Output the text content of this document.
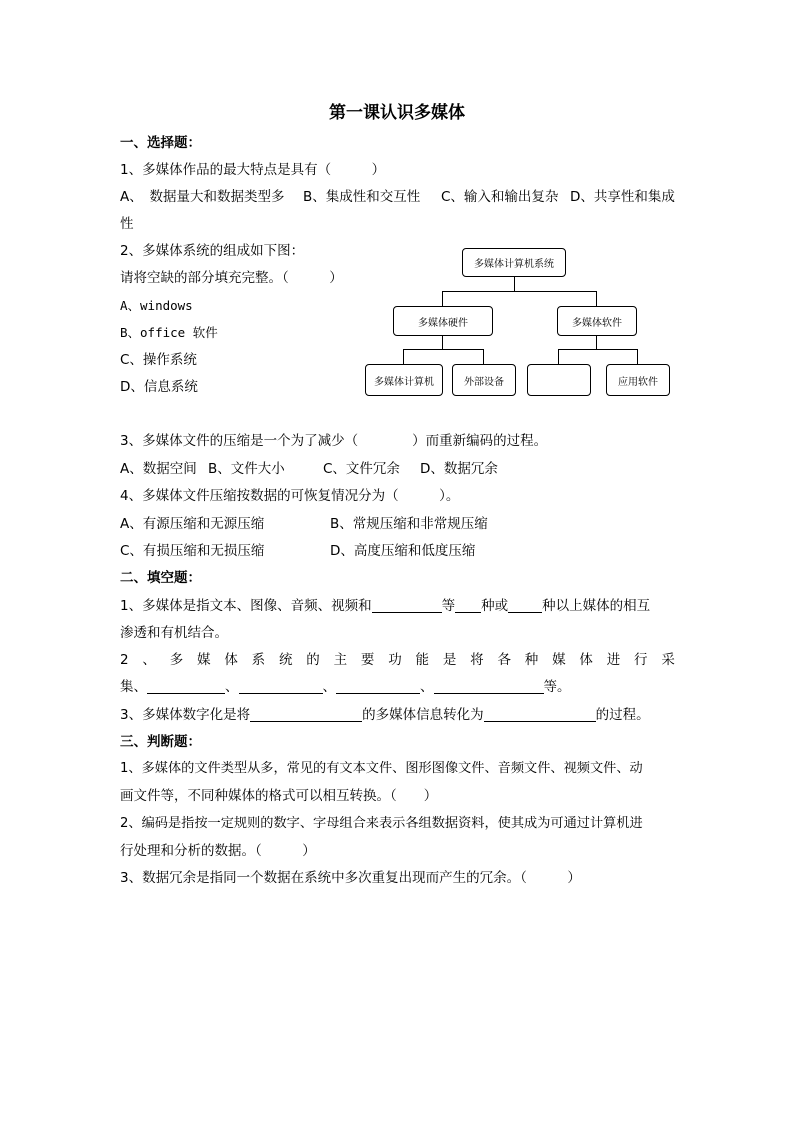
第一课认识多媒体
一、选择题：
1、多媒体作品的最大特点是具有（　　　）
A、　数据量大和数据类型多 B、集成性和交互性 C、输入和输出复杂 D、共享性和集成
性
2、多媒体系统的组成如下图：
请将空缺的部分填充完整。（　　　）
A、windows
B、office 软件
C、操作系统
D、信息系统
多媒体计算机系统
多媒体硬件	多媒体软件
多媒体计算机	外部设备	应用软件
3、多媒体文件的压缩是一个为了减少（	）而重新编码的过程。
A、数据空间 B、文件大小	C、文件冗余 D、数据冗余
4、多媒体文件压缩按数据的可恢复情况分为（　　　）。
A、有源压缩和无源压缩	B、常规压缩和非常规压缩
C、有损压缩和无损压缩	D、高度压缩和低度压缩
二、填空题：
1、多媒体是指文本、图像、音频、视频和	等 种或	种以上媒体的相互
渗透和有机结合。
2 、 多 媒 体 系 统 的 主 要 功 能 是 将 各 种 媒 体 进 行 采
集、	、	、	、	等。
3、多媒体数字化是将	的多媒体信息转化为	的过程。
三、判断题：
1、多媒体的文件类型从多，常见的有文本文件、图形图像文件、音频文件、视频文件、动
画文件等，不同种媒体的格式可以相互转换。（　　）
2、编码是指按一定规则的数字、字母组合来表示各组数据资料，使其成为可通过计算机进
行处理和分析的数据。（　　　）
3、数据冗余是指同一个数据在系统中多次重复出现而产生的冗余。（　　　）
